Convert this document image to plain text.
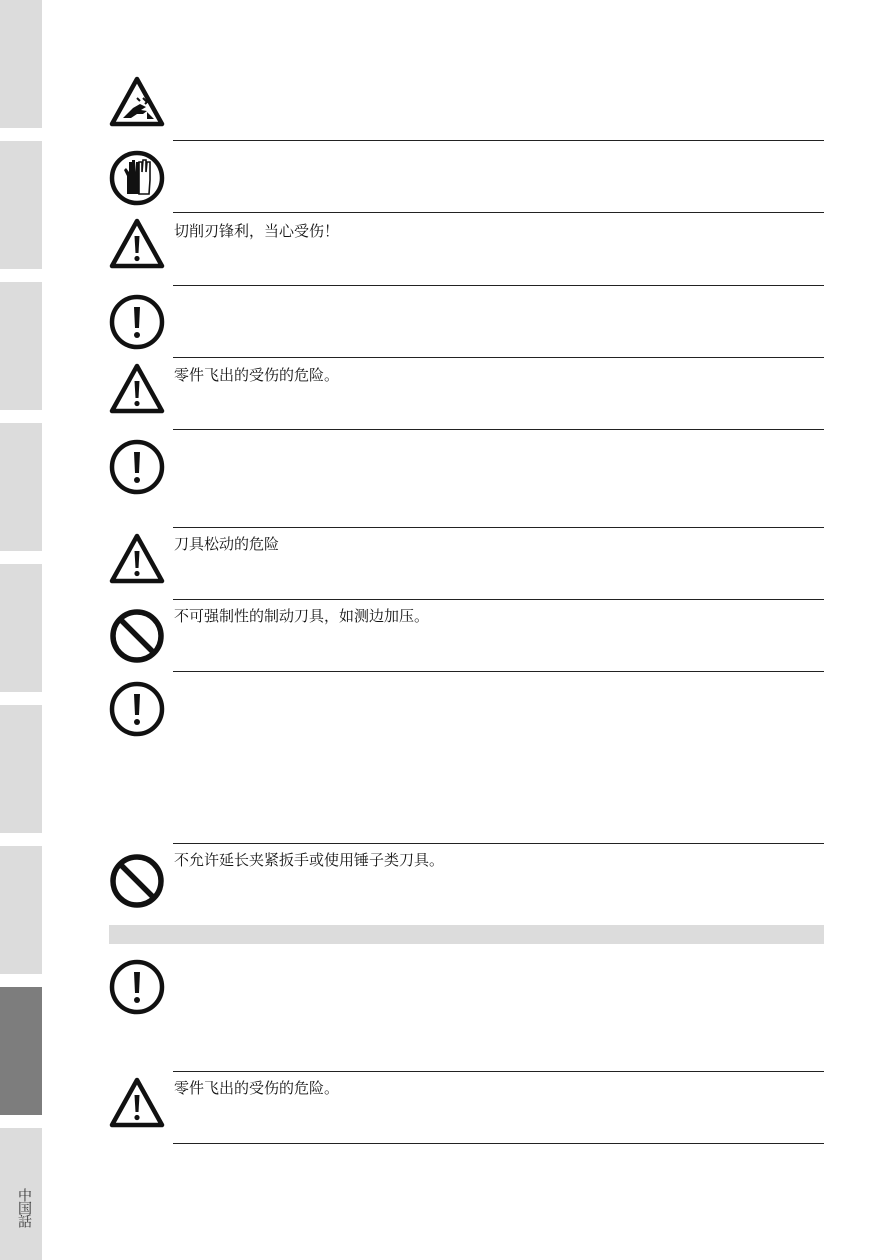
中国話
切削刃锋利，当心受伤！
零件飞出的受伤的危险。
刀具松动的危险
不可强制性的制动刀具，如测边加压。
不允许延长夹紧扳手或使用锤子类刀具。
零件飞出的受伤的危险。
